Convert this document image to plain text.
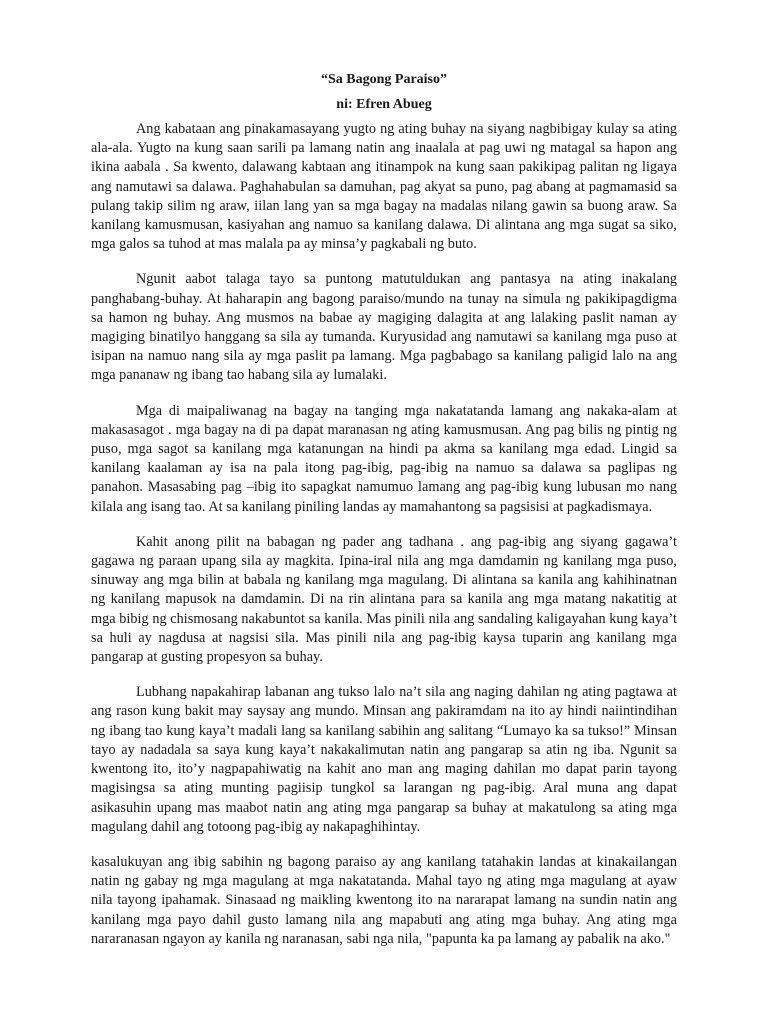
“Sa Bagong Paraiso”
ni: Efren Abueg

Ang kabataan ang pinakamasayang yugto ng ating buhay na siyang nagbibigay kulay sa ating ala-ala. Yugto na kung saan sarili pa lamang natin ang inaalala at pag uwi ng matagal sa hapon ang ikina aabala . Sa kwento, dalawang kabtaan ang itinampok na kung saan pakikipag palitan ng ligaya ang namutawi sa dalawa. Paghahabulan sa damuhan, pag akyat sa puno, pag abang at pagmamasid sa pulang takip silim ng araw, iilan lang yan sa mga bagay na madalas nilang gawin sa buong araw. Sa kanilang kamusmusan, kasiyahan ang namuo sa kanilang dalawa. Di alintana ang mga sugat sa siko, mga galos sa tuhod at mas malala pa ay minsa’y pagkabali ng buto.

Ngunit aabot talaga tayo sa puntong matutuldukan ang pantasya na ating inakalang panghabang-buhay. At haharapin ang bagong paraiso/mundo na tunay na simula ng pakikipagdigma sa hamon ng buhay. Ang musmos na babae ay magiging dalagita at ang lalaking paslit naman ay magiging binatilyo hanggang sa sila ay tumanda. Kuryusidad ang namutawi sa kanilang mga puso at isipan na namuo nang sila ay mga paslit pa lamang. Mga pagbabago sa kanilang paligid lalo na ang mga pananaw ng ibang tao habang sila ay lumalaki.

Mga di maipaliwanag na bagay na tanging mga nakatatanda lamang ang nakaka-alam at makasasagot . mga bagay na di pa dapat maranasan ng ating kamusmusan. Ang pag bilis ng pintig ng puso, mga sagot sa kanilang mga katanungan na hindi pa akma sa kanilang mga edad. Lingid sa kanilang kaalaman ay isa na pala itong pag-ibig, pag-ibig na namuo sa dalawa sa paglipas ng panahon. Masasabing pag –ibig ito sapagkat namumuo lamang ang pag-ibig kung lubusan mo nang kilala ang isang tao. At sa kanilang piniling landas ay mamahantong sa pagsisisi at pagkadismaya.

Kahit anong pilit na babagan ng pader ang tadhana . ang pag-ibig ang siyang gagawa’t gagawa ng paraan upang sila ay magkita. Ipina-iral nila ang mga damdamin ng kanilang mga puso, sinuway ang mga bilin at babala ng kanilang mga magulang. Di alintana sa kanila ang kahihinatnan ng kanilang mapusok na damdamin. Di na rin alintana para sa kanila ang mga matang nakatitig at mga bibig ng chismosang nakabuntot sa kanila. Mas pinili nila ang sandaling kaligayahan kung kaya’t sa huli ay nagdusa at nagsisi sila. Mas pinili nila ang pag-ibig kaysa tuparin ang kanilang mga pangarap at gusting propesyon sa buhay.

Lubhang napakahirap labanan ang tukso lalo na’t sila ang naging dahilan ng ating pagtawa at ang rason kung bakit may saysay ang mundo. Minsan ang pakiramdam na ito ay hindi naiintindihan ng ibang tao kung kaya’t madali lang sa kanilang sabihin ang salitang “Lumayo ka sa tukso!” Minsan tayo ay nadadala sa saya kung kaya’t nakakalimutan natin ang pangarap sa atin ng iba. Ngunit sa kwentong ito, ito’y nagpapahiwatig na kahit ano man ang maging dahilan mo dapat parin tayong magisingsa sa ating munting pagiisip tungkol sa larangan ng pag-ibig. Aral muna ang dapat asikasuhin upang mas maabot natin ang ating mga pangarap sa buhay at makatulong sa ating mga magulang dahil ang totoong pag-ibig ay nakapaghihintay.

kasalukuyan ang ibig sabihin ng bagong paraiso ay ang kanilang tatahakin landas at kinakailangan natin ng gabay ng mga magulang at mga nakatatanda. Mahal tayo ng ating mga magulang at ayaw nila tayong ipahamak. Sinasaad ng maikling kwentong ito na nararapat lamang na sundin natin ang kanilang mga payo dahil gusto lamang nila ang mapabuti ang ating mga buhay. Ang ating mga nararanasan ngayon ay kanila ng naranasan, sabi nga nila, "papunta ka pa lamang ay pabalik na ako."
